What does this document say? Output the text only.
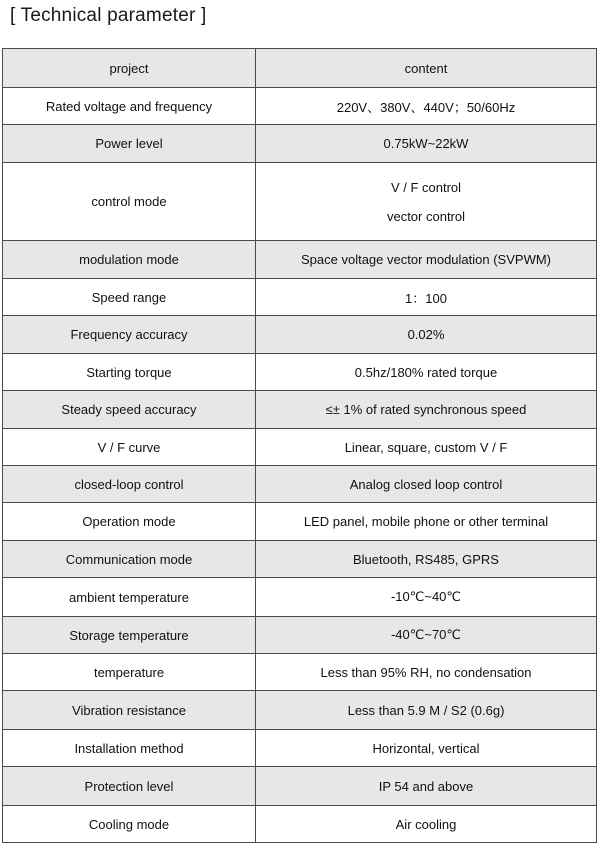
[ Technical parameter ]
project	content

Rated voltage and frequency	220V、380V、440V；50/60Hz

Power level	0.75kW~22kW

control mode	V / F control
vector control

modulation mode	Space voltage vector modulation (SVPWM)

Speed range	1：100

Frequency accuracy	0.02%

Starting torque	0.5hz/180% rated torque

Steady speed accuracy	≤± 1% of rated synchronous speed

V / F curve	Linear, square, custom V / F

closed-loop control	Analog closed loop control

Operation mode	LED panel, mobile phone or other terminal

Communication mode	Bluetooth, RS485, GPRS

ambient temperature	-10℃~40℃

Storage temperature	-40℃~70℃

temperature	Less than 95% RH, no condensation

Vibration resistance	Less than 5.9 M / S2 (0.6g)

Installation method	Horizontal, vertical

Protection level	IP 54 and above

Cooling mode	Air cooling
